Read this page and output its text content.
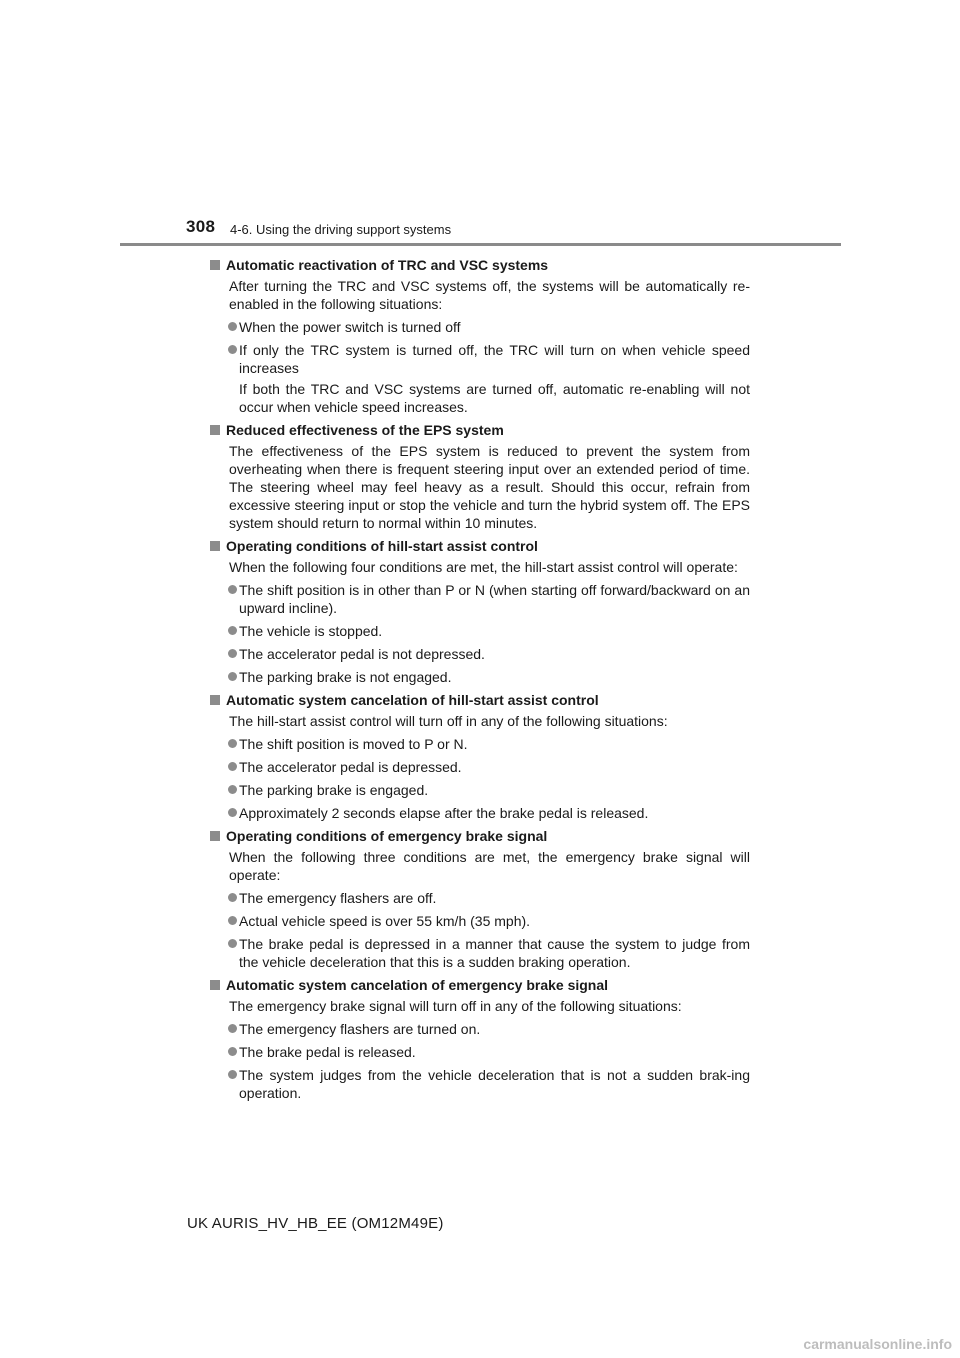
308 4-6. Using the driving support systems
Automatic reactivation of TRC and VSC systems
After turning the TRC and VSC systems off, the systems will be automatically re-enabled in the following situations:
When the power switch is turned off
If only the TRC system is turned off, the TRC will turn on when vehicle speed increases
If both the TRC and VSC systems are turned off, automatic re-enabling will not occur when vehicle speed increases.
Reduced effectiveness of the EPS system
The effectiveness of the EPS system is reduced to prevent the system from overheating when there is frequent steering input over an extended period of time. The steering wheel may feel heavy as a result. Should this occur, refrain from excessive steering input or stop the vehicle and turn the hybrid system off. The EPS system should return to normal within 10 minutes.
Operating conditions of hill-start assist control
When the following four conditions are met, the hill-start assist control will operate:
The shift position is in other than P or N (when starting off forward/backward on an upward incline).
The vehicle is stopped.
The accelerator pedal is not depressed.
The parking brake is not engaged.
Automatic system cancelation of hill-start assist control
The hill-start assist control will turn off in any of the following situations:
The shift position is moved to P or N.
The accelerator pedal is depressed.
The parking brake is engaged.
Approximately 2 seconds elapse after the brake pedal is released.
Operating conditions of emergency brake signal
When the following three conditions are met, the emergency brake signal will operate:
The emergency flashers are off.
Actual vehicle speed is over 55 km/h (35 mph).
The brake pedal is depressed in a manner that cause the system to judge from the vehicle deceleration that this is a sudden braking operation.
Automatic system cancelation of emergency brake signal
The emergency brake signal will turn off in any of the following situations:
The emergency flashers are turned on.
The brake pedal is released.
The system judges from the vehicle deceleration that is not a sudden brak-ing operation.
UK AURIS_HV_HB_EE (OM12M49E)
carmanualsonline.info
